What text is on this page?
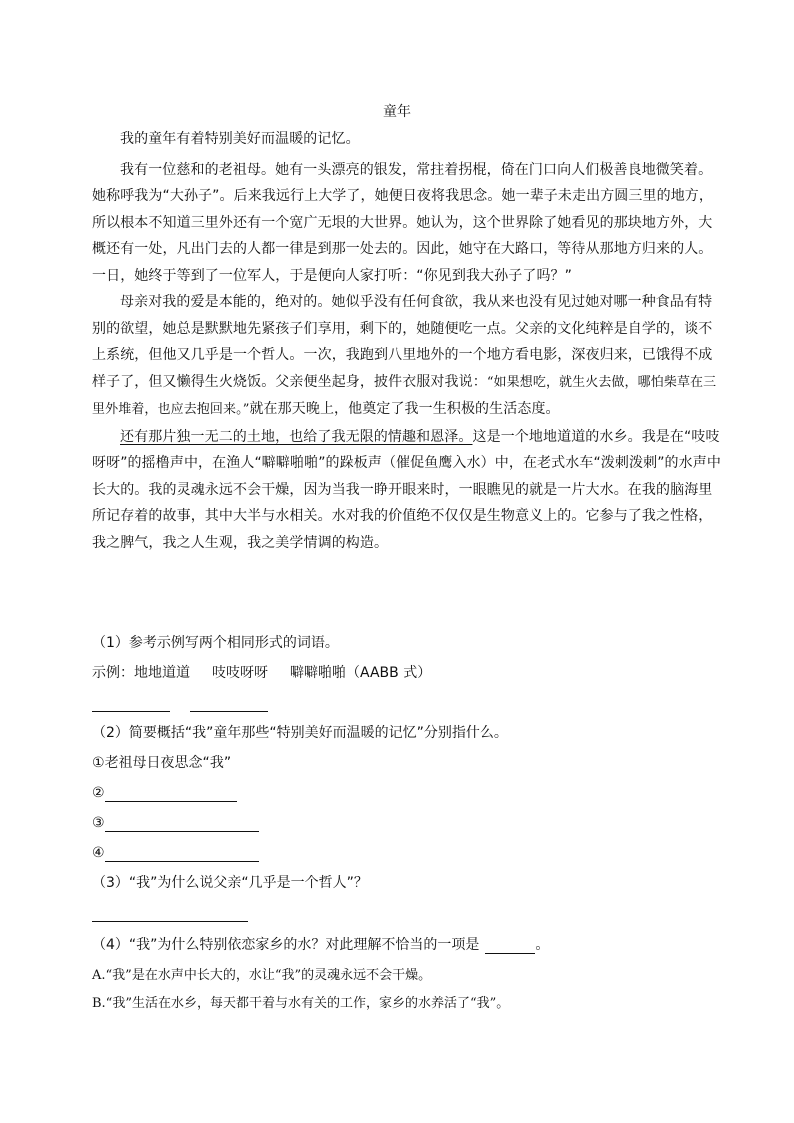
童年

我的童年有着特别美好而温暖的记忆。

我有一位慈和的老祖母。她有一头漂亮的银发，常拄着拐棍，倚在门口向人们极善良地微笑着。她称呼我为“大孙子”。后来我远行上大学了，她便日夜将我思念。她一辈子未走出方圆三里的地方，所以根本不知道三里外还有一个宽广无垠的大世界。她认为，这个世界除了她看见的那块地方外，大概还有一处，凡出门去的人都一律是到那一处去的。因此，她守在大路口，等待从那地方归来的人。一日，她终于等到了一位军人，于是便向人家打听：“你见到我大孙子了吗？”

母亲对我的爱是本能的，绝对的。她似乎没有任何食欲，我从来也没有见过她对哪一种食品有特别的欲望，她总是默默地先紧孩子们享用，剩下的，她随便吃一点。父亲的文化纯粹是自学的，谈不上系统，但他又几乎是一个哲人。一次，我跑到八里地外的一个地方看电影，深夜归来，已饿得不成样子了，但又懒得生火烧饭。父亲便坐起身，披件衣服对我说：“如果想吃，就生火去做，哪怕柴草在三里外堆着，也应去抱回来。”就在那天晚上，他奠定了我一生积极的生活态度。

还有那片独一无二的土地，也给了我无限的情趣和恩泽。这是一个地地道道的水乡。我是在“吱吱呀呀”的摇橹声中，在渔人“噼噼啪啪”的跺板声（催促鱼鹰入水）中，在老式水车“泼刺泼刺”的水声中长大的。我的灵魂永远不会干燥，因为当我一睁开眼来时，一眼瞧见的就是一片大水。在我的脑海里所记存着的故事，其中大半与水相关。水对我的价值绝不仅仅是生物意义上的。它参与了我之性格，我之脾气，我之人生观，我之美学情调的构造。

（1）参考示例写两个相同形式的词语。
示例： 地地道道 吱吱呀呀 噼噼啪啪 （AABB 式）
（2）简要概括“我”童年那些“特别美好而温暖的记忆”分别指什么。
① 老祖母日夜思念“我”
②
③
④
（3）“我”为什么说父亲“几乎是一个哲人”？
（4）“我”为什么特别依恋家乡的水？对此理解不恰当的一项是	。
A.“我”是在水声中长大的，水让“我”的灵魂永远不会干燥。
B.“我”生活在水乡，每天都干着与水有关的工作，家乡的水养活了“我”。
